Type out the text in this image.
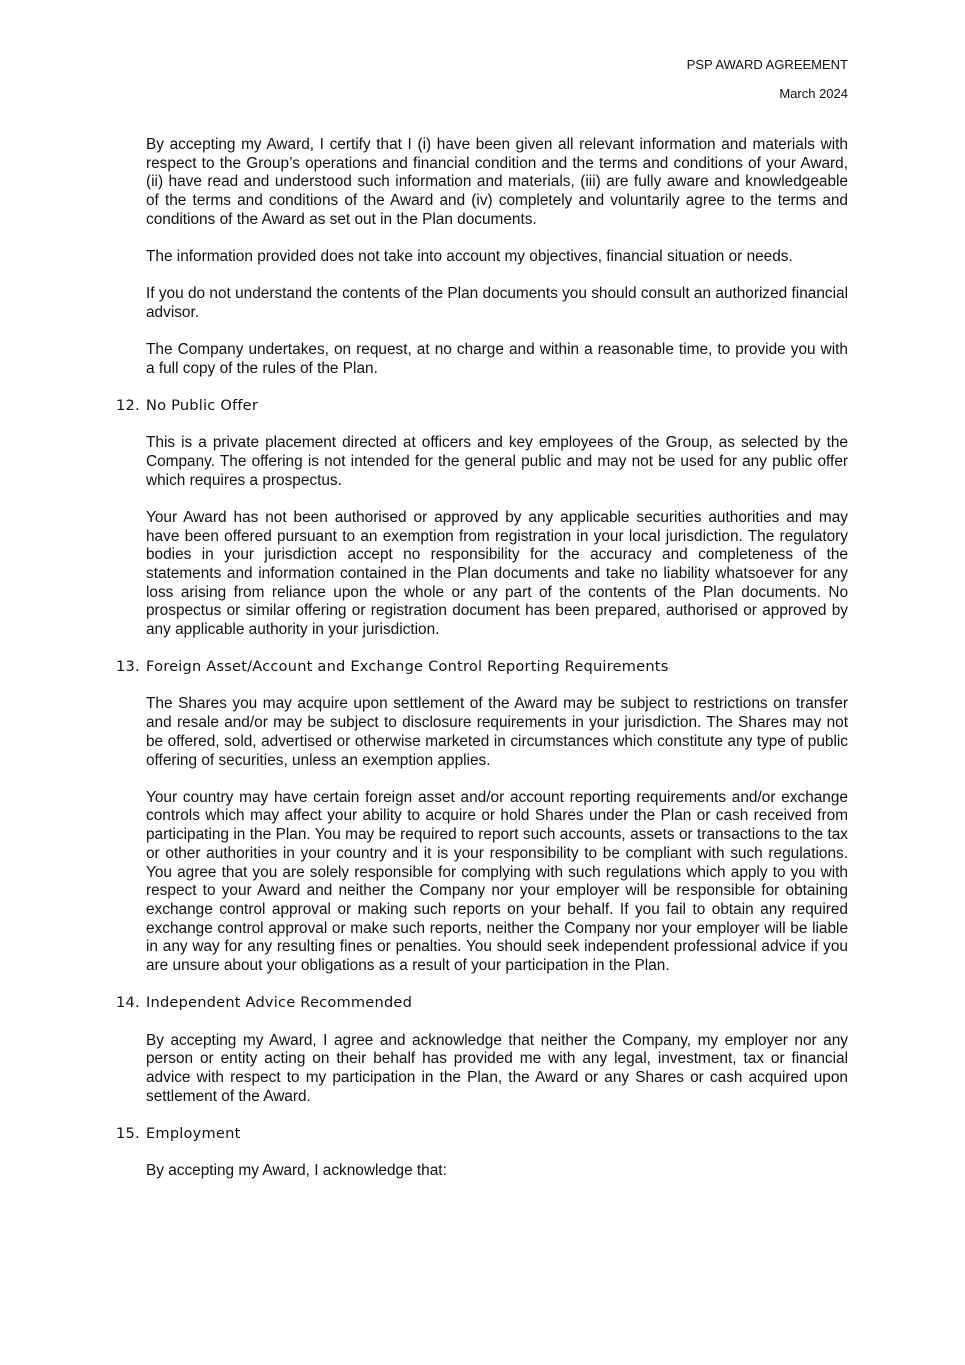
PSP AWARD AGREEMENT
March 2024

By accepting my Award, I certify that I (i) have been given all relevant information and materials with respect to the Group’s operations and financial condition and the terms and conditions of your Award, (ii) have read and understood such information and materials, (iii) are fully aware and knowledgeable of the terms and conditions of the Award and (iv) completely and voluntarily agree to the terms and conditions of the Award as set out in the Plan documents.

The information provided does not take into account my objectives, financial situation or needs.

If you do not understand the contents of the Plan documents you should consult an authorized financial advisor.

The Company undertakes, on request, at no charge and within a reasonable time, to provide you with a full copy of the rules of the Plan.

12. No Public Offer

This is a private placement directed at officers and key employees of the Group, as selected by the Company. The offering is not intended for the general public and may not be used for any public offer which requires a prospectus.

Your Award has not been authorised or approved by any applicable securities authorities and may have been offered pursuant to an exemption from registration in your local jurisdiction. The regulatory bodies in your jurisdiction accept no responsibility for the accuracy and completeness of the statements and information contained in the Plan documents and take no liability whatsoever for any loss arising from reliance upon the whole or any part of the contents of the Plan documents. No prospectus or similar offering or registration document has been prepared, authorised or approved by any applicable authority in your jurisdiction.

13. Foreign Asset/Account and Exchange Control Reporting Requirements

The Shares you may acquire upon settlement of the Award may be subject to restrictions on transfer and resale and/or may be subject to disclosure requirements in your jurisdiction. The Shares may not be offered, sold, advertised or otherwise marketed in circumstances which constitute any type of public offering of securities, unless an exemption applies.

Your country may have certain foreign asset and/or account reporting requirements and/or exchange controls which may affect your ability to acquire or hold Shares under the Plan or cash received from participating in the Plan. You may be required to report such accounts, assets or transactions to the tax or other authorities in your country and it is your responsibility to be compliant with such regulations. You agree that you are solely responsible for complying with such regulations which apply to you with respect to your Award and neither the Company nor your employer will be responsible for obtaining exchange control approval or making such reports on your behalf. If you fail to obtain any required exchange control approval or make such reports, neither the Company nor your employer will be liable in any way for any resulting fines or penalties. You should seek independent professional advice if you are unsure about your obligations as a result of your participation in the Plan.

14. Independent Advice Recommended

By accepting my Award, I agree and acknowledge that neither the Company, my employer nor any person or entity acting on their behalf has provided me with any legal, investment, tax or financial advice with respect to my participation in the Plan, the Award or any Shares or cash acquired upon settlement of the Award.

15. Employment

By accepting my Award, I acknowledge that:
